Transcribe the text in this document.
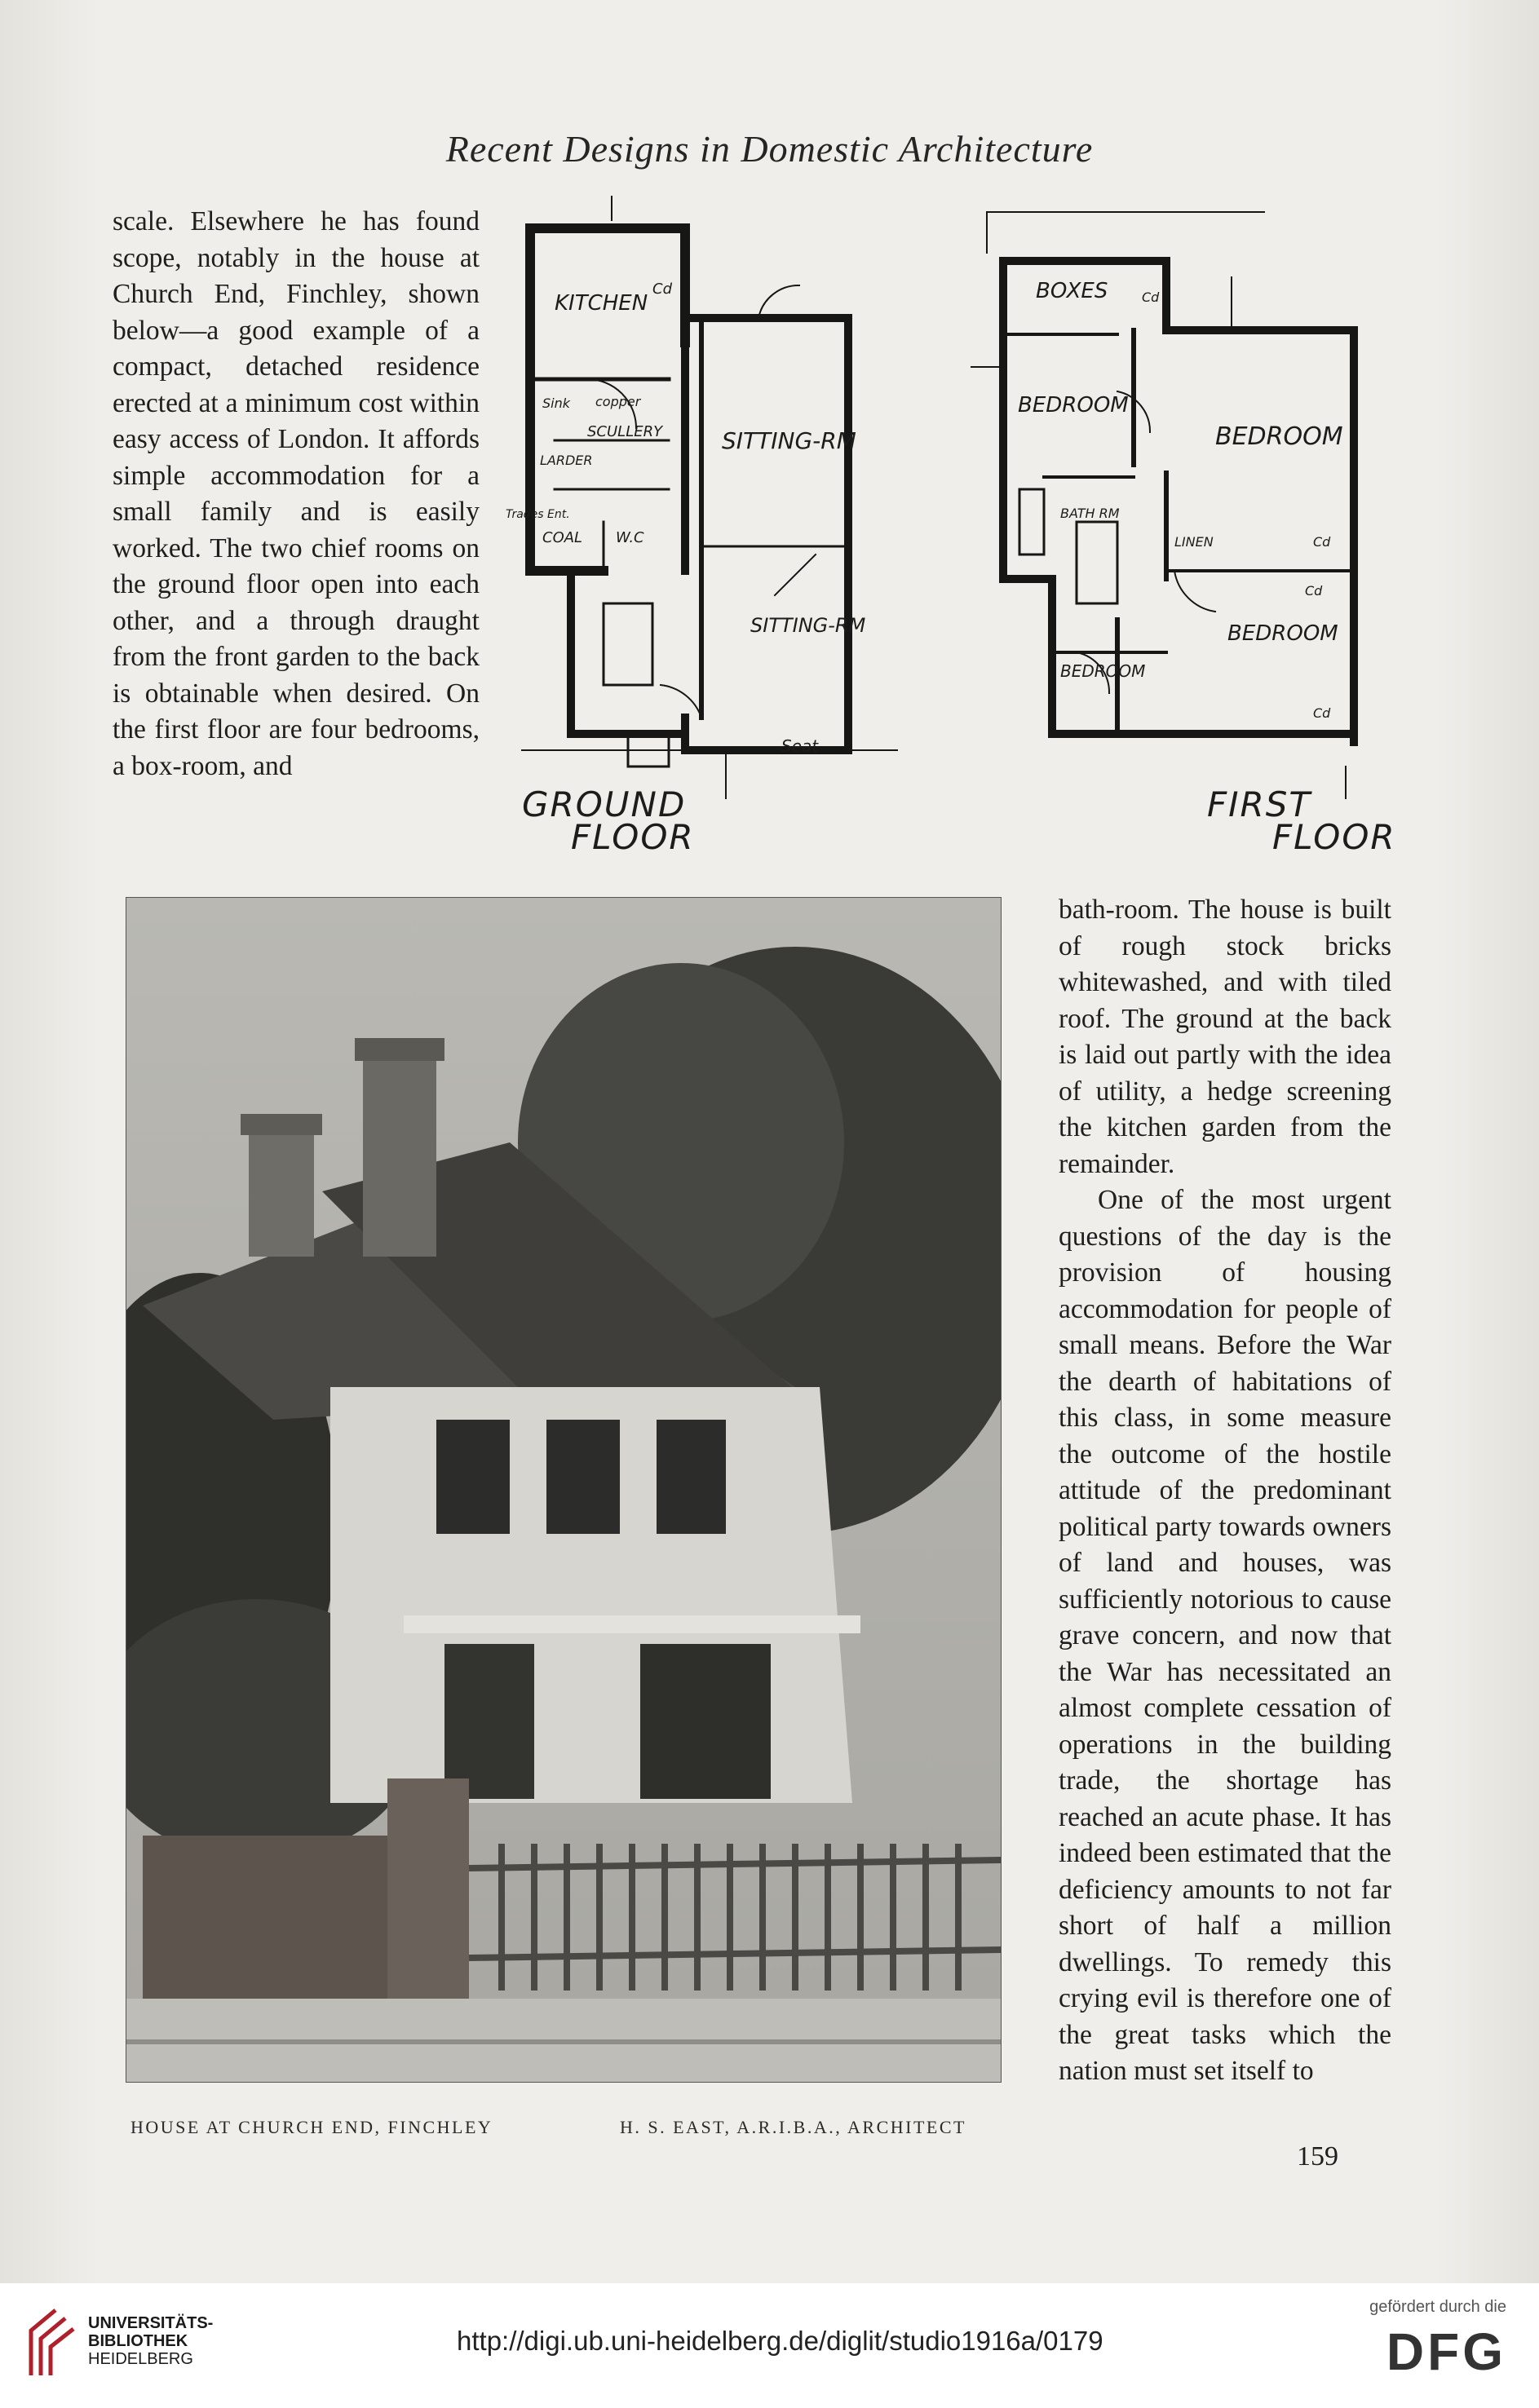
Recent Designs in Domestic Architecture

scale. Elsewhere he has found scope, notably in the house at Church End, Finchley, shown below—a good example of a compact, detached residence erected at a minimum cost within easy access of London. It affords simple accommodation for a small family and is easily worked. The two chief rooms on the ground floor open into each other, and a through draught from the front garden to the back is obtainable when desired. On the first floor are four bedrooms, a box-room, and

KITCHEN
Cd
Sink copper
SCULLERY
LARDER
Trades Ent.
COAL W.C
SITTING-RM
SITTING-RM
Seat
GROUND
FLOOR
BOXES
BEDROOM
BEDROOM
BEDROOM
BEDROOM
BATH RM
LINEN
Cd
Cd
Cd
Cd
FIRST
FLOOR
HOUSE AT CHURCH END, FINCHLEY	H. S. EAST, A.R.I.B.A., ARCHITECT

bath-room. The house is built of rough stock bricks whitewashed, and with tiled roof. The ground at the back is laid out partly with the idea of utility, a hedge screening the kitchen garden from the remainder.

One of the most urgent questions of the day is the provision of housing accommodation for people of small means. Before the War the dearth of habitations of this class, in some measure the outcome of the hostile attitude of the predominant political party towards owners of land and houses, was sufficiently notorious to cause grave concern, and now that the War has necessitated an almost complete cessation of operations in the building trade, the shortage has reached an acute phase. It has indeed been estimated that the deficiency amounts to not far short of half a million dwellings. To remedy this crying evil is therefore one of the great tasks which the nation must set itself to

159
UNIVERSITÄTS-
BIBLIOTHEK
HEIDELBERG
http://digi.ub.uni-heidelberg.de/diglit/studio1916a/0179
gefördert durch die
DFG
